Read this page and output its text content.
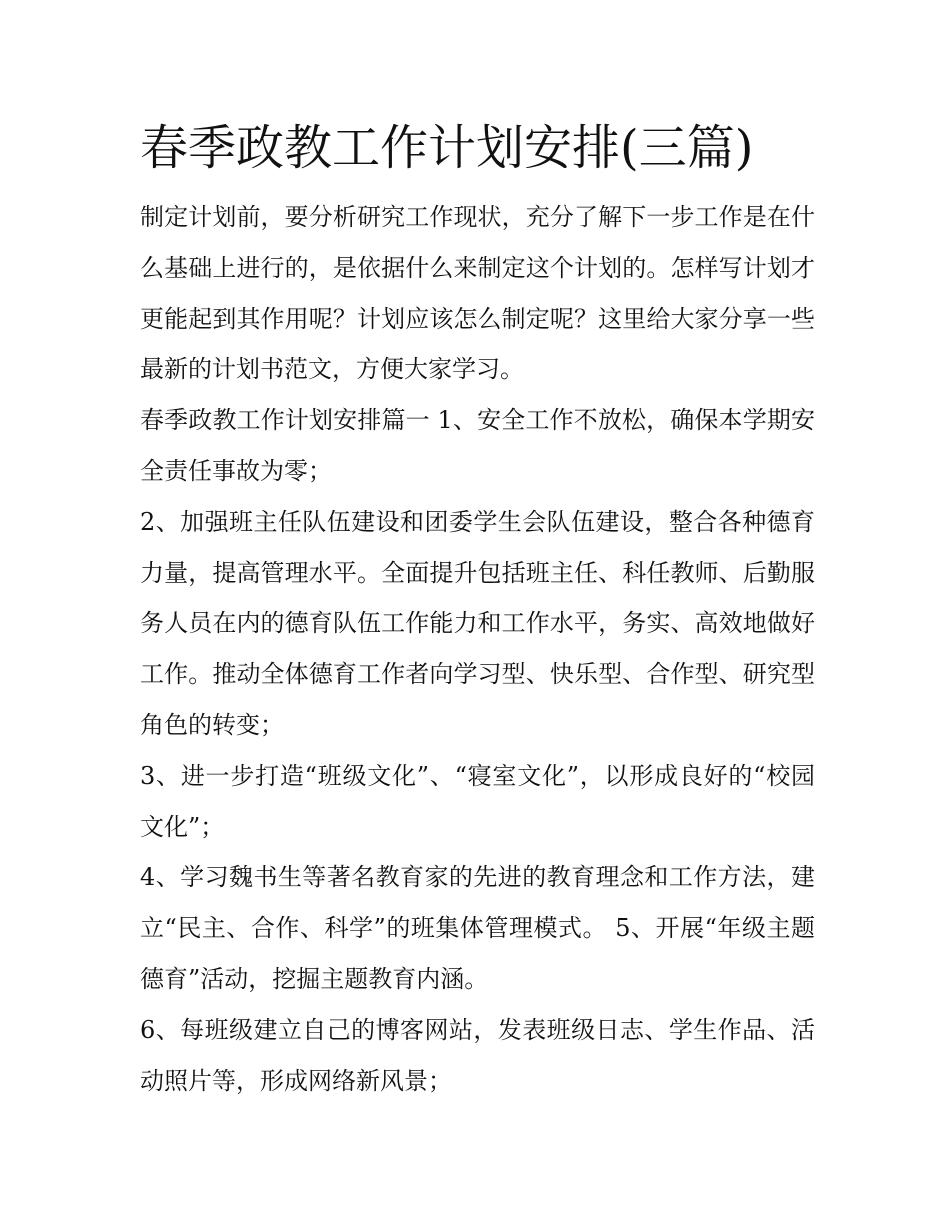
春季政教工作计划安排(三篇)

制定计划前，要分析研究工作现状，充分了解下一步工作是在什么基础上进行的，是依据什么来制定这个计划的。怎样写计划才更能起到其作用呢？计划应该怎么制定呢？这里给大家分享一些最新的计划书范文，方便大家学习。

春季政教工作计划安排篇一 1、安全工作不放松，确保本学期安全责任事故为零；

2、加强班主任队伍建设和团委学生会队伍建设，整合各种德育力量，提高管理水平。全面提升包括班主任、科任教师、后勤服务人员在内的德育队伍工作能力和工作水平，务实、高效地做好工作。推动全体德育工作者向学习型、快乐型、合作型、研究型角色的转变；

3、进一步打造“班级文化”、“寝室文化”，以形成良好的“校园文化”；

4、学习魏书生等著名教育家的先进的教育理念和工作方法，建立“民主、合作、科学”的班集体管理模式。 5、开展“年级主题德育”活动，挖掘主题教育内涵。

6、每班级建立自己的博客网站，发表班级日志、学生作品、活动照片等，形成网络新风景；
